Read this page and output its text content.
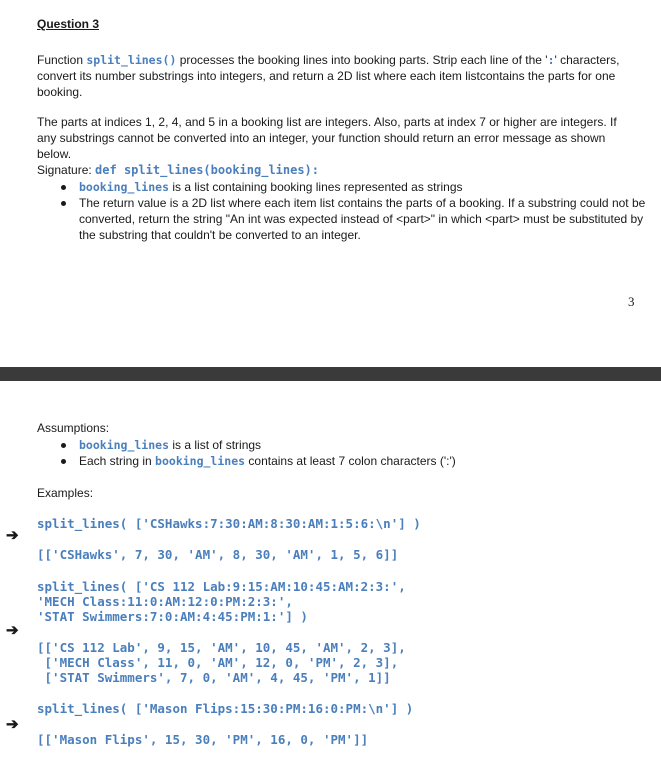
Question 3
Function split_lines() processes the booking lines into booking parts. Strip each line of the ':' characters, convert its number substrings into integers, and return a 2D list where each item listcontains the parts for one booking.
The parts at indices 1, 2, 4, and 5 in a booking list are integers. Also, parts at index 7 or higher are integers. If any substrings cannot be converted into an integer, your function should return an error message as shown below.
Signature: def split_lines(booking_lines):
booking_lines is a list containing booking lines represented as strings
The return value is a 2D list where each item list contains the parts of a booking. If a substring could not be converted, return the string "An int was expected instead of <part>" in which <part> must be substituted by the substring that couldn't be converted to an integer.
3
Assumptions:
booking_lines is a list of strings
Each string in booking_lines contains at least 7 colon characters (':')
Examples:
split_lines( ['CSHawks:7:30:AM:8:30:AM:1:5:6:\n'] )
➔
[['CSHawks', 7, 30, 'AM', 8, 30, 'AM', 1, 5, 6]]
split_lines( ['CS 112 Lab:9:15:AM:10:45:AM:2:3:',
'MECH Class:11:0:AM:12:0:PM:2:3:',
'STAT Swimmers:7:0:AM:4:45:PM:1:'] )
➔
[['CS 112 Lab', 9, 15, 'AM', 10, 45, 'AM', 2, 3],
['MECH Class', 11, 0, 'AM', 12, 0, 'PM', 2, 3],
['STAT Swimmers', 7, 0, 'AM', 4, 45, 'PM', 1]]
split_lines( ['Mason Flips:15:30:PM:16:0:PM:\n'] )
➔
[['Mason Flips', 15, 30, 'PM', 16, 0, 'PM']]
